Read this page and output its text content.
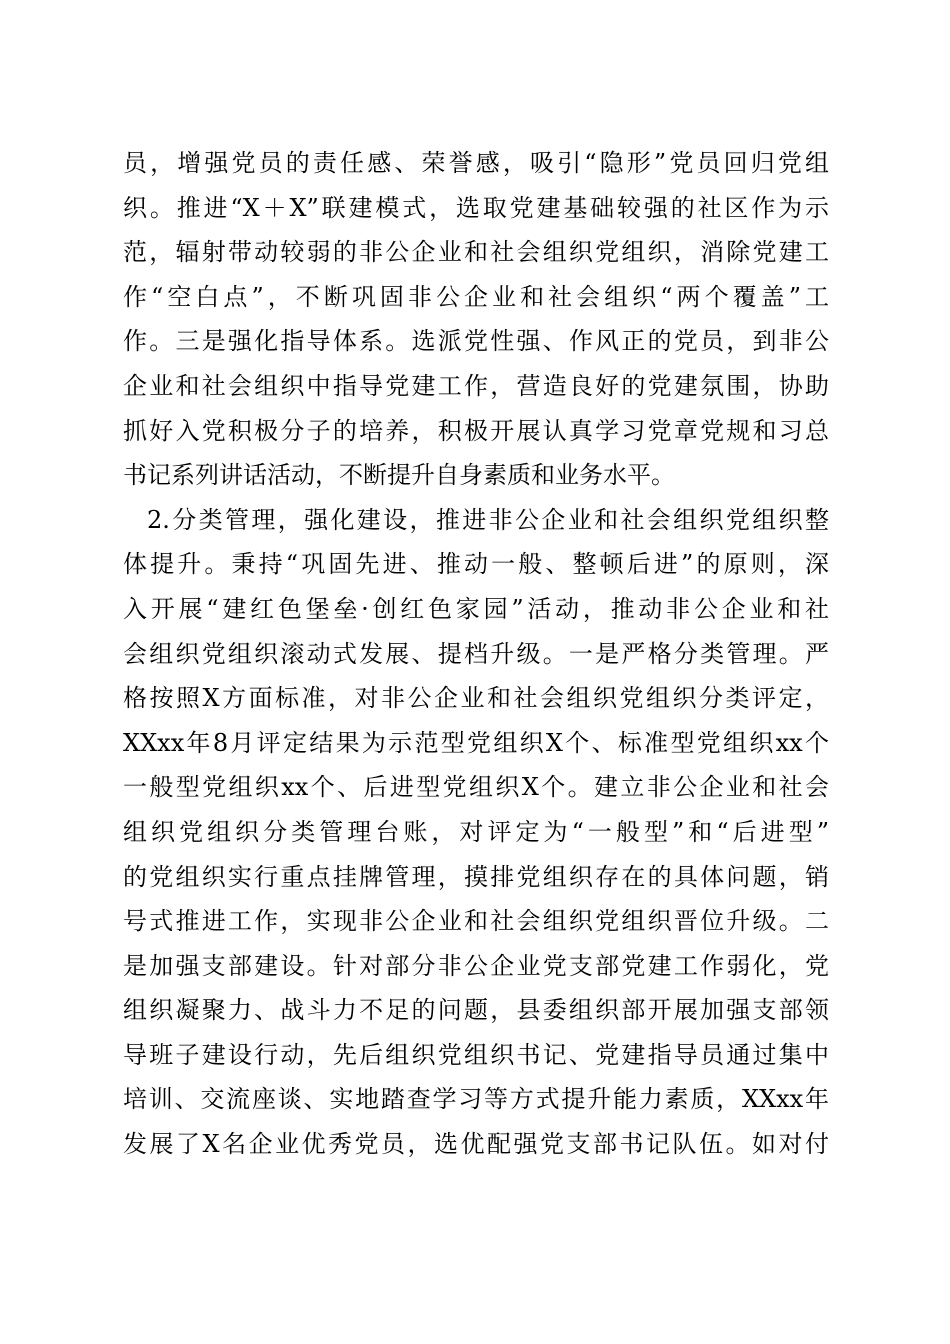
员，增强党员的责任感、荣誉感，吸引“隐形”党员回归党组
织。推进“X＋X”联建模式，选取党建基础较强的社区作为示
范，辐射带动较弱的非公企业和社会组织党组织，消除党建工
作“空白点”，不断巩固非公企业和社会组织“两个覆盖”工
作。三是强化指导体系。选派党性强、作风正的党员，到非公
企业和社会组织中指导党建工作，营造良好的党建氛围，协助
抓好入党积极分子的培养，积极开展认真学习党章党规和习总
书记系列讲话活动，不断提升自身素质和业务水平。
2.分类管理，强化建设，推进非公企业和社会组织党组织整
体提升。秉持“巩固先进、推动一般、整顿后进”的原则，深
入开展“建红色堡垒·创红色家园”活动，推动非公企业和社
会组织党组织滚动式发展、提档升级。一是严格分类管理。严
格按照X方面标准，对非公企业和社会组织党组织分类评定，
XXxx年8月评定结果为示范型党组织X个、标准型党组织xx个
一般型党组织xx个、后进型党组织X个。建立非公企业和社会
组织党组织分类管理台账，对评定为“一般型”和“后进型”
的党组织实行重点挂牌管理，摸排党组织存在的具体问题，销
号式推进工作，实现非公企业和社会组织党组织晋位升级。二
是加强支部建设。针对部分非公企业党支部党建工作弱化，党
组织凝聚力、战斗力不足的问题，县委组织部开展加强支部领
导班子建设行动，先后组织党组织书记、党建指导员通过集中
培训、交流座谈、实地踏查学习等方式提升能力素质，XXxx年
发展了X名企业优秀党员，选优配强党支部书记队伍。如对付
